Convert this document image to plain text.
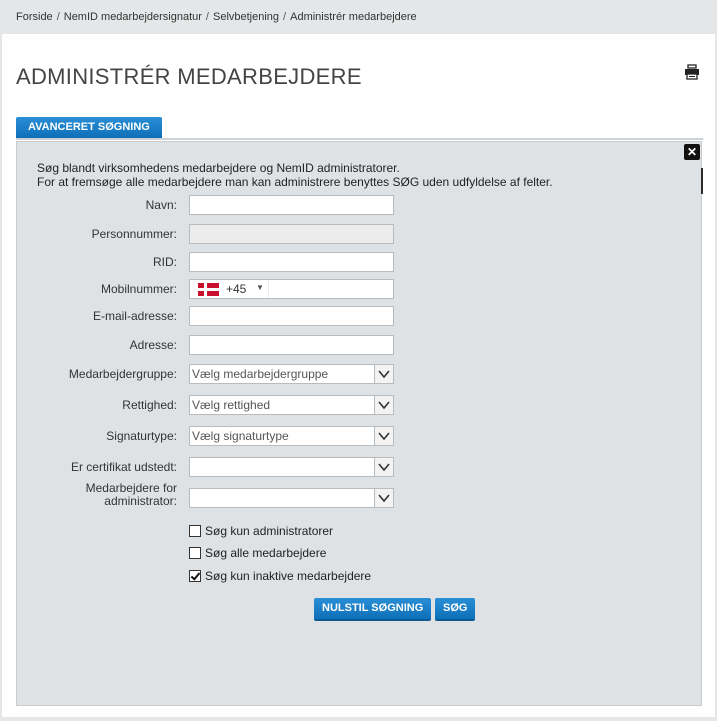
Forside / NemID medarbejdersignatur / Selvbetjening / Administrér medarbejdere
ADMINISTRÉR MEDARBEJDERE
AVANCERET SØGNING
✕
Søg blandt virksomhedens medarbejdere og NemID administratorer.
For at fremsøge alle medarbejdere man kan administrere benyttes SØG uden udfyldelse af felter.
Navn:
Personnummer:
RID:
Mobilnummer:	+45 ▼
E-mail-adresse:
Adresse:
Medarbejdergruppe: Vælg medarbejdergruppe
Rettighed: Vælg rettighed
Signaturtype: Vælg signaturtype
Er certifikat udstedt:
Medarbejdere for
administrator:
Søg kun administratorer
Søg alle medarbejdere
Søg kun inaktive medarbejdere
NULSTIL SØGNING	SØG
